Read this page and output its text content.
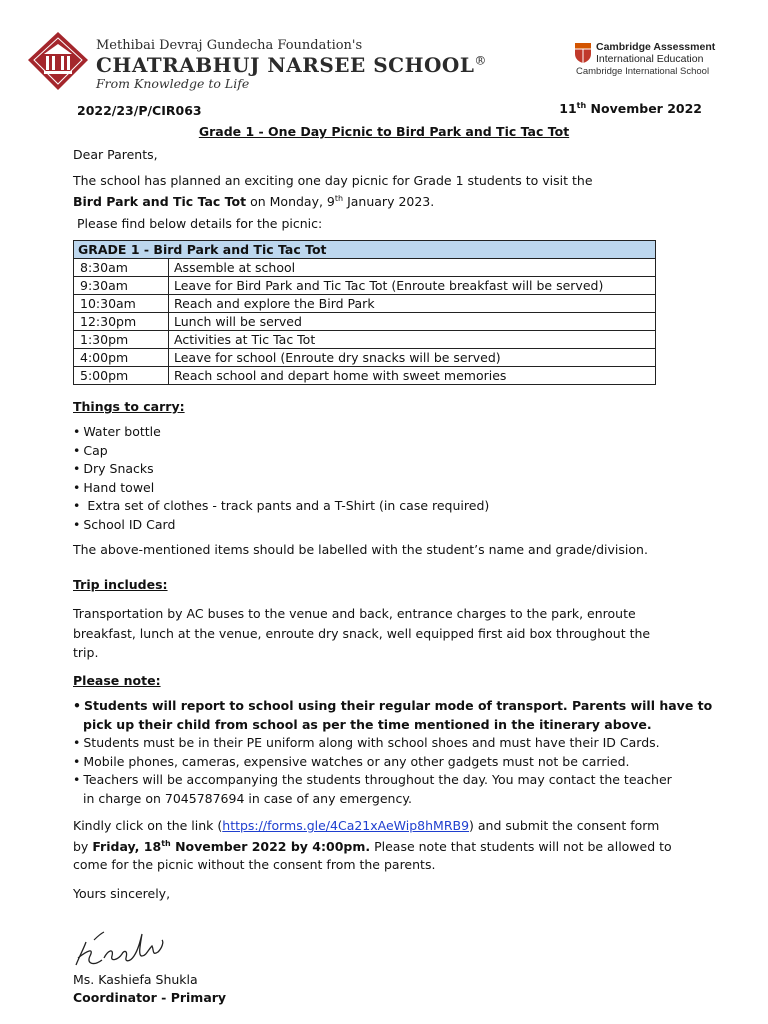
Methibai Devraj Gundecha Foundation's
CHATRABHUJ NARSEE SCHOOL®
From Knowledge to Life
Cambridge Assessment
International Education
Cambridge International School
2022/23/P/CIR063	11th November 2022
Grade 1 - One Day Picnic to Bird Park and Tic Tac Tot
Dear Parents,
The school has planned an exciting one day picnic for Grade 1 students to visit the
Bird Park and Tic Tac Tot on Monday, 9th January 2023.
Please find below details for the picnic:
GRADE 1 - Bird Park and Tic Tac Tot	
8:30am	Assemble at school
9:30am	Leave for Bird Park and Tic Tac Tot (Enroute breakfast will be served)
10:30am	Reach and explore the Bird Park
12:30pm	Lunch will be served
1:30pm	Activities at Tic Tac Tot
4:00pm	Leave for school (Enroute dry snacks will be served)
5:00pm	Reach school and depart home with sweet memories
Things to carry:
• Water bottle
• Cap
• Dry Snacks
• Hand towel
• Extra set of clothes - track pants and a T-Shirt (in case required)
• School ID Card
The above-mentioned items should be labelled with the student’s name and grade/division.
Trip includes:
Transportation by AC buses to the venue and back, entrance charges to the park, enroute
breakfast, lunch at the venue, enroute dry snack, well equipped first aid box throughout the
trip.
Please note:
• Students will report to school using their regular mode of transport. Parents will have to
pick up their child from school as per the time mentioned in the itinerary above.
• Students must be in their PE uniform along with school shoes and must have their ID Cards.
• Mobile phones, cameras, expensive watches or any other gadgets must not be carried.
• Teachers will be accompanying the students throughout the day. You may contact the teacher
in charge on 7045787694 in case of any emergency.
Kindly click on the link (https://forms.gle/4Ca21xAeWip8hMRB9) and submit the consent form
by Friday, 18th November 2022 by 4:00pm. Please note that students will not be allowed to
come for the picnic without the consent from the parents.
Yours sincerely,
Ms. Kashiefa Shukla
Coordinator - Primary
